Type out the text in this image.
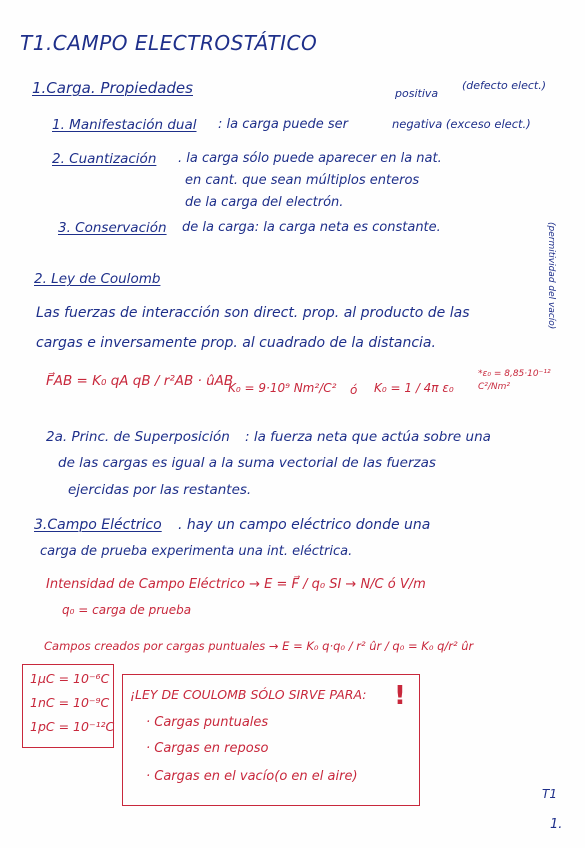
T1.CAMPO ELECTROSTÁTICO
1.Carga. Propiedades	positiva
(defecto elect.)
1. Manifestación dual : la carga puede ser	negativa (exceso elect.)
2. Cuantización . la carga sólo puede aparecer en la nat.
en cant. que sean múltiplos enteros
de la carga del electrón.
3. Conservación de la carga: la carga neta es constante.
2. Ley de Coulomb
Las fuerzas de interacción son direct. prop. al producto de las
cargas e inversamente prop. al cuadrado de la distancia.
F⃗AB = K₀ qA qB / r²AB · ûAB
K₀ = 9·10⁹ Nm²/C² ó K₀ = 1 / 4π ε₀
*ε₀ = 8,85·10⁻¹² C²/Nm²
(permitividad del vacío)
2a. Princ. de Superposición : la fuerza neta que actúa sobre una
de las cargas es igual a la suma vectorial de las fuerzas
ejercidas por las restantes.
3.Campo Eléctrico . hay un campo eléctrico donde una
carga de prueba experimenta una int. eléctrica.
Intensidad de Campo Eléctrico → E = F⃗ / q₀ SI → N/C ó V/m
q₀ = carga de prueba
Campos creados por cargas puntuales → E = K₀ q·q₀ / r² ûr / q₀ = K₀ q/r² ûr
1μC = 10⁻⁶C
1nC = 10⁻⁹C
1pC = 10⁻¹²C
¡LEY DE COULOMB SÓLO SIRVE PARA: !
· Cargas puntuales
· Cargas en reposo
· Cargas en el vacío(o en el aire)
T1
1.
